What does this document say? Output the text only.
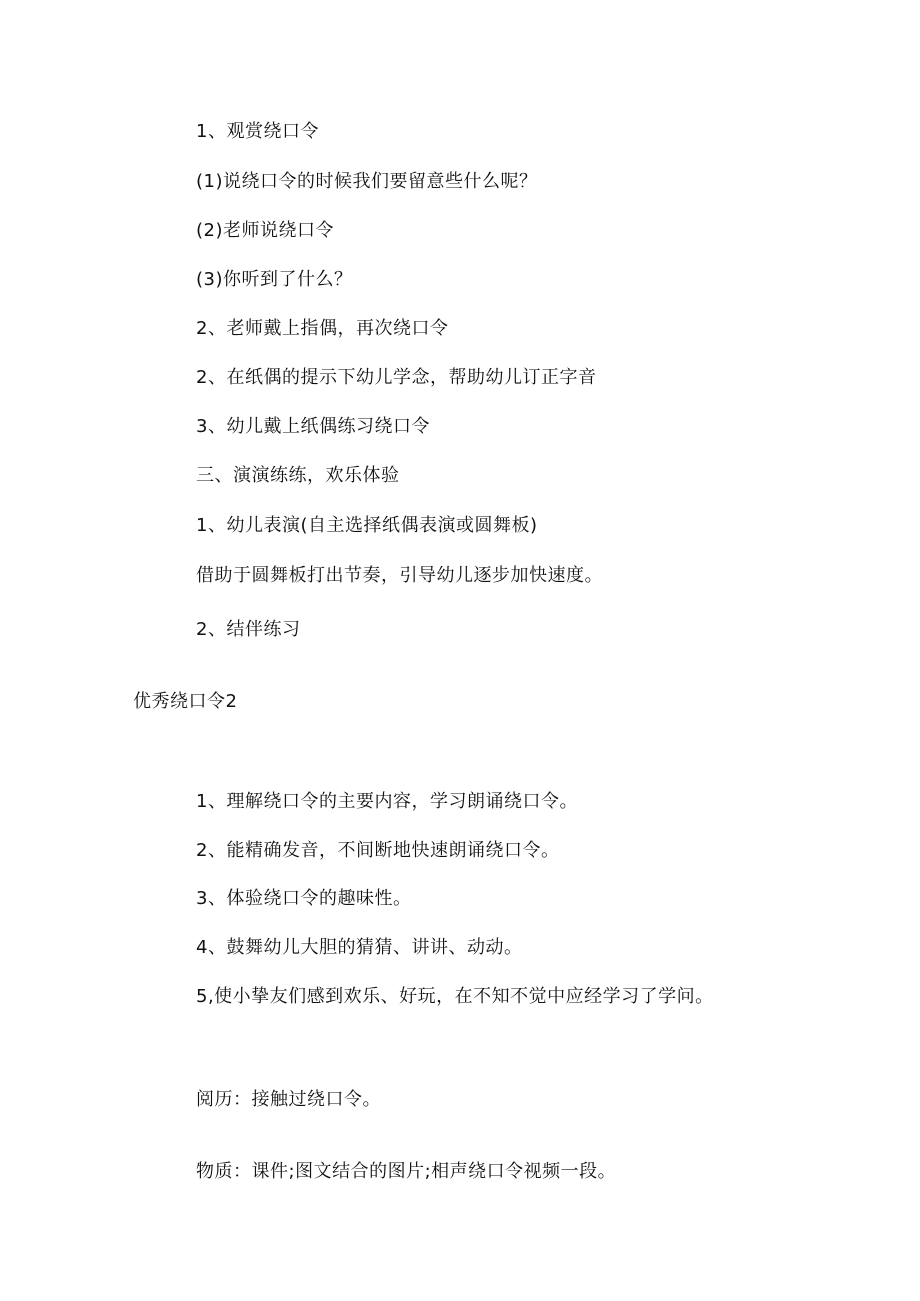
1、观赏绕口令
(1)说绕口令的时候我们要留意些什么呢？
(2)老师说绕口令
(3)你听到了什么？
2、老师戴上指偶，再次绕口令
2、在纸偶的提示下幼儿学念，帮助幼儿订正字音
3、幼儿戴上纸偶练习绕口令
三、演演练练，欢乐体验
1、幼儿表演(自主选择纸偶表演或圆舞板)
借助于圆舞板打出节奏，引导幼儿逐步加快速度。
2、结伴练习
优秀绕口令2
1、理解绕口令的主要内容，学习朗诵绕口令。
2、能精确发音，不间断地快速朗诵绕口令。
3、体验绕口令的趣味性。
4、鼓舞幼儿大胆的猜猜、讲讲、动动。
5,使小挚友们感到欢乐、好玩，在不知不觉中应经学习了学问。
阅历：接触过绕口令。
物质：课件;图文结合的图片;相声绕口令视频一段。
